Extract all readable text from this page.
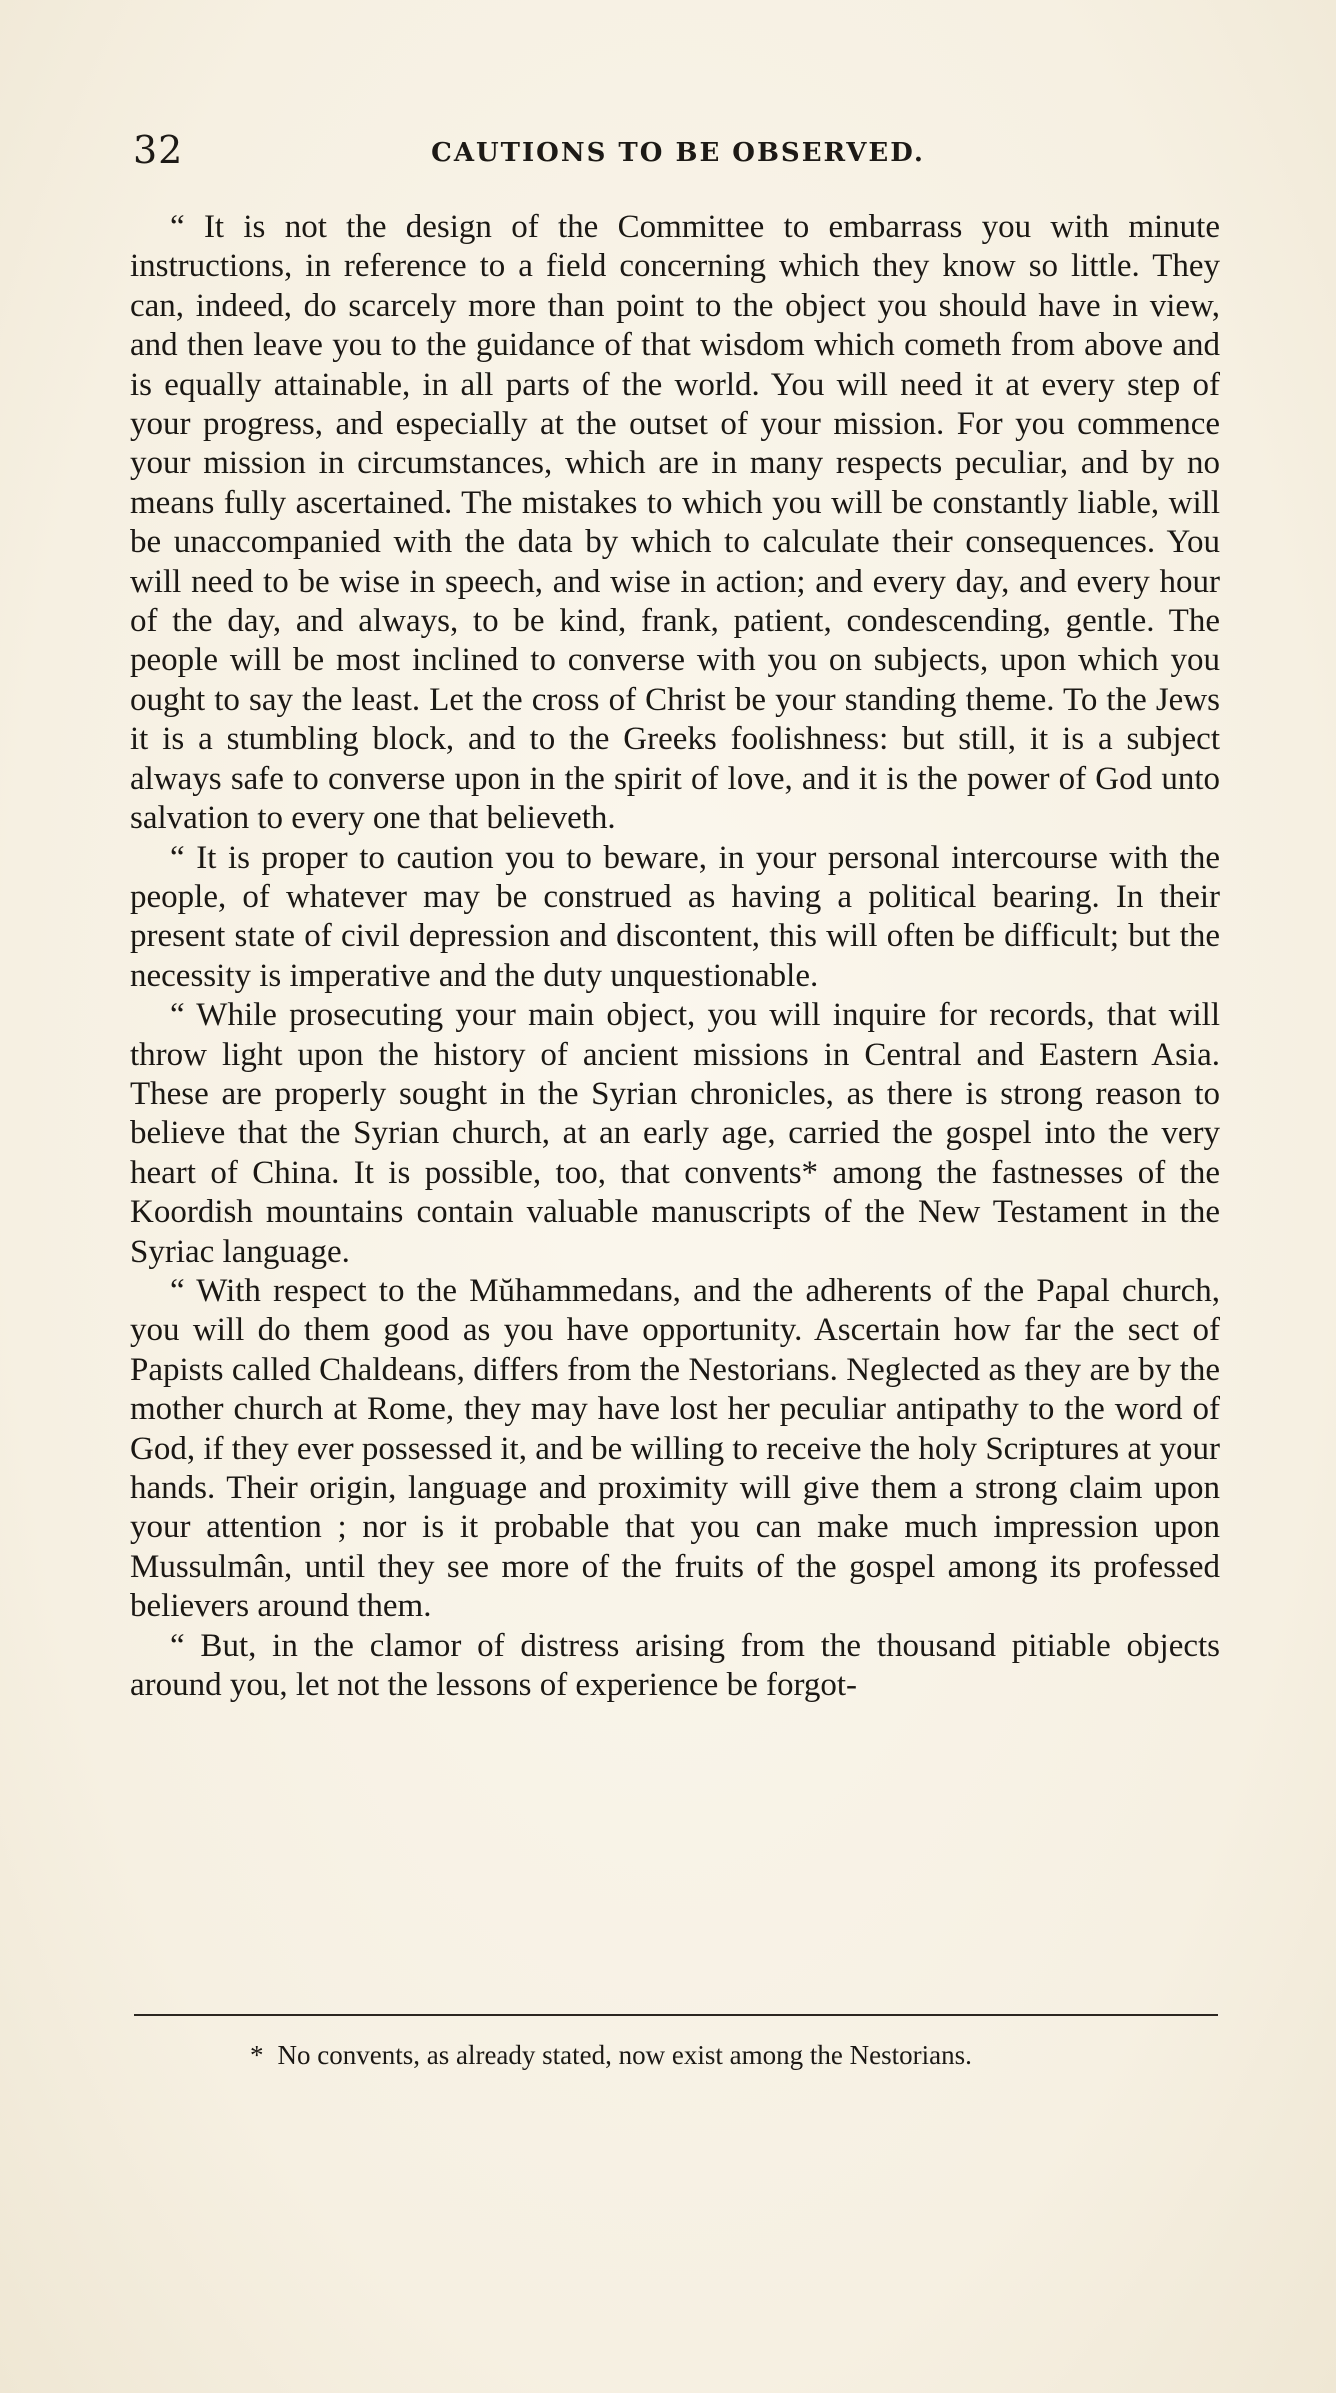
32	CAUTIONS TO BE OBSERVED.

“ It is not the design of the Committee to embarrass you with minute instructions, in reference to a field concerning which they know so little. They can, indeed, do scarcely more than point to the object you should have in view, and then leave you to the guidance of that wisdom which cometh from above and is equally attainable, in all parts of the world. You will need it at every step of your progress, and especially at the outset of your mission. For you commence your mission in circumstances, which are in many respects peculiar, and by no means fully ascertained. The mistakes to which you will be constantly liable, will be unaccompanied with the data by which to calculate their consequences. You will need to be wise in speech, and wise in action; and every day, and every hour of the day, and always, to be kind, frank, patient, condescending, gentle. The people will be most inclined to converse with you on subjects, upon which you ought to say the least. Let the cross of Christ be your standing theme. To the Jews it is a stumbling block, and to the Greeks foolishness: but still, it is a subject always safe to converse upon in the spirit of love, and it is the power of God unto salvation to every one that believeth.

“ It is proper to caution you to beware, in your personal intercourse with the people, of whatever may be construed as having a political bearing. In their present state of civil depression and discontent, this will often be difficult; but the necessity is imperative and the duty unquestionable.

“ While prosecuting your main object, you will inquire for records, that will throw light upon the history of ancient missions in Central and Eastern Asia. These are properly sought in the Syrian chronicles, as there is strong reason to believe that the Syrian church, at an early age, carried the gospel into the very heart of China. It is possible, too, that convents* among the fastnesses of the Koordish mountains contain valuable manuscripts of the New Testament in the Syriac language.

“ With respect to the Mŭhammedans, and the adherents of the Papal church, you will do them good as you have opportunity. Ascertain how far the sect of Papists called Chaldeans, differs from the Nestorians. Neglected as they are by the mother church at Rome, they may have lost her peculiar antipathy to the word of God, if they ever possessed it, and be willing to receive the holy Scriptures at your hands. Their origin, language and proximity will give them a strong claim upon your attention ; nor is it probable that you can make much impression upon Mussulmân, until they see more of the fruits of the gospel among its professed believers around them.

“ But, in the clamor of distress arising from the thousand pitiable objects around you, let not the lessons of experience be forgot-

* No convents, as already stated, now exist among the Nestorians.
